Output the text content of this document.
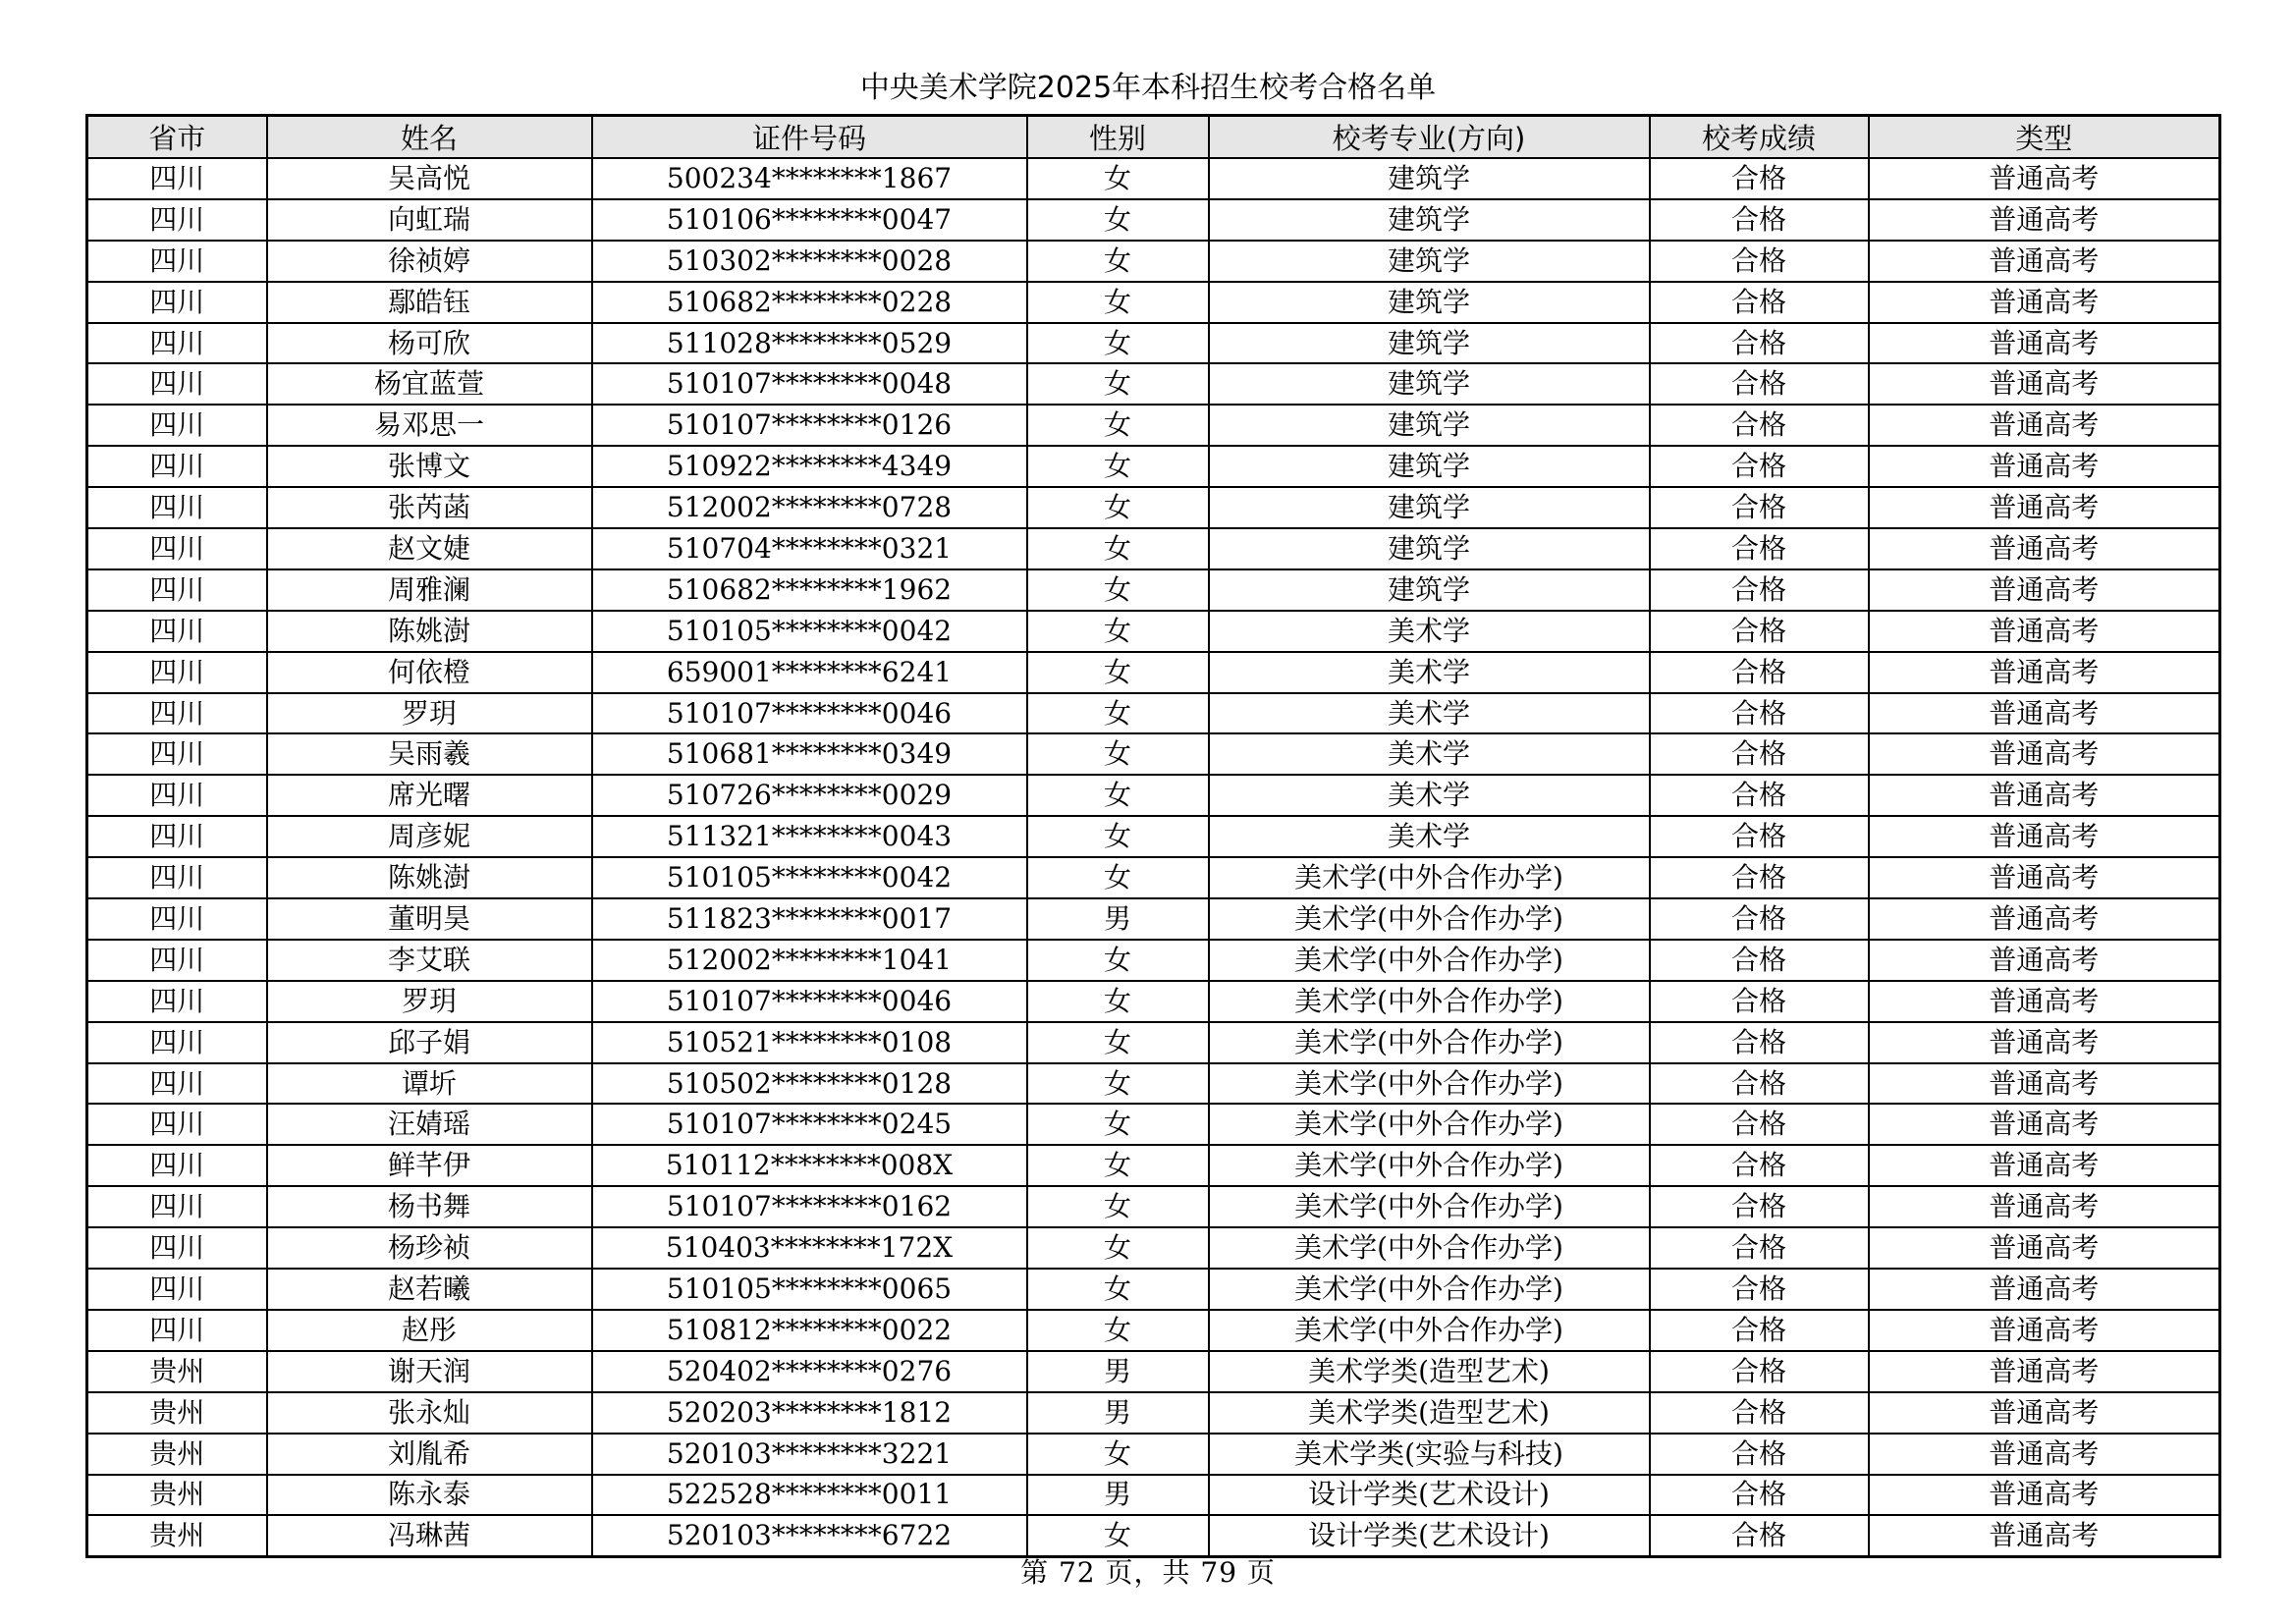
中央美术学院2025年本科招生校考合格名单
省市	姓名	证件号码	性别	校考专业(方向)	校考成绩	类型
四川	吴高悦	500234********1867	女	建筑学	合格	普通高考
四川	向虹瑞	510106********0047	女	建筑学	合格	普通高考
四川	徐祯婷	510302********0028	女	建筑学	合格	普通高考
四川	鄢皓钰	510682********0228	女	建筑学	合格	普通高考
四川	杨可欣	511028********0529	女	建筑学	合格	普通高考
四川	杨宜蓝萱	510107********0048	女	建筑学	合格	普通高考
四川	易邓思一	510107********0126	女	建筑学	合格	普通高考
四川	张博文	510922********4349	女	建筑学	合格	普通高考
四川	张芮菡	512002********0728	女	建筑学	合格	普通高考
四川	赵文婕	510704********0321	女	建筑学	合格	普通高考
四川	周雅澜	510682********1962	女	建筑学	合格	普通高考
四川	陈姚澍	510105********0042	女	美术学	合格	普通高考
四川	何依橙	659001********6241	女	美术学	合格	普通高考
四川	罗玥	510107********0046	女	美术学	合格	普通高考
四川	吴雨羲	510681********0349	女	美术学	合格	普通高考
四川	席光曙	510726********0029	女	美术学	合格	普通高考
四川	周彦妮	511321********0043	女	美术学	合格	普通高考
四川	陈姚澍	510105********0042	女	美术学(中外合作办学)	合格	普通高考
四川	董明昊	511823********0017	男	美术学(中外合作办学)	合格	普通高考
四川	李艾联	512002********1041	女	美术学(中外合作办学)	合格	普通高考
四川	罗玥	510107********0046	女	美术学(中外合作办学)	合格	普通高考
四川	邱子娟	510521********0108	女	美术学(中外合作办学)	合格	普通高考
四川	谭圻	510502********0128	女	美术学(中外合作办学)	合格	普通高考
四川	汪婧瑶	510107********0245	女	美术学(中外合作办学)	合格	普通高考
四川	鲜芊伊	510112********008X	女	美术学(中外合作办学)	合格	普通高考
四川	杨书舞	510107********0162	女	美术学(中外合作办学)	合格	普通高考
四川	杨珍祯	510403********172X	女	美术学(中外合作办学)	合格	普通高考
四川	赵若曦	510105********0065	女	美术学(中外合作办学)	合格	普通高考
四川	赵彤	510812********0022	女	美术学(中外合作办学)	合格	普通高考
贵州	谢天润	520402********0276	男	美术学类(造型艺术)	合格	普通高考
贵州	张永灿	520203********1812	男	美术学类(造型艺术)	合格	普通高考
贵州	刘胤希	520103********3221	女	美术学类(实验与科技)	合格	普通高考
贵州	陈永泰	522528********0011	男	设计学类(艺术设计)	合格	普通高考
贵州	冯琳茜	520103********6722	女	设计学类(艺术设计)	合格	普通高考
第 72 页，共 79 页
